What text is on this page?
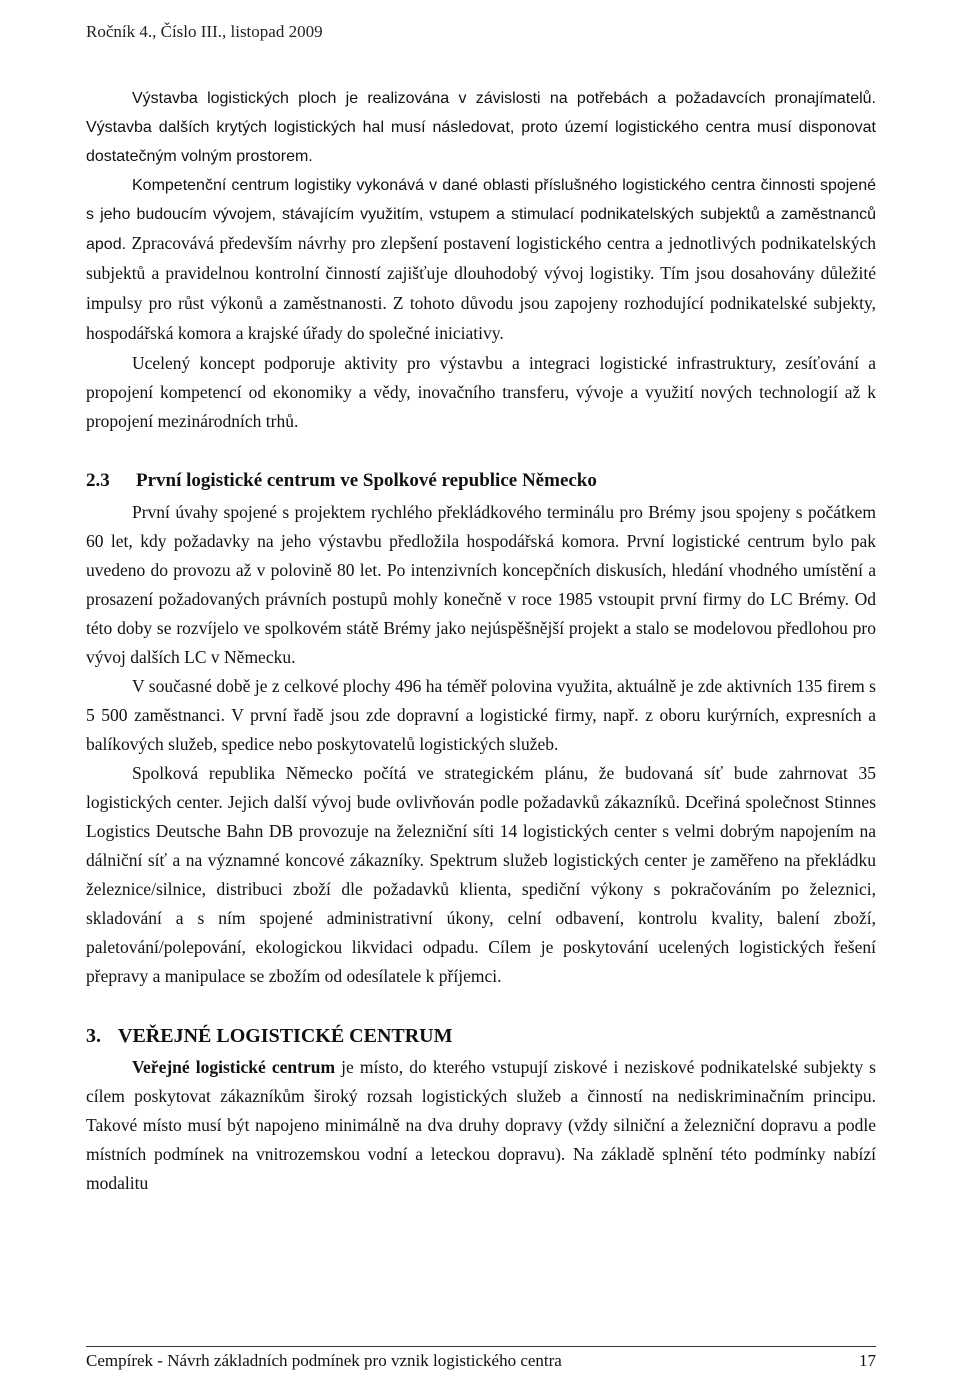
Ročník 4., Číslo III., listopad 2009

Výstavba logistických ploch je realizována v závislosti na potřebách a požadavcích pronajímatelů. Výstavba dalších krytých logistických hal musí následovat, proto území logistického centra musí disponovat dostatečným volným prostorem.

Kompetenční centrum logistiky vykonává v dané oblasti příslušného logistického centra činnosti spojené s jeho budoucím vývojem, stávajícím využitím, vstupem a stimulací podnikatelských subjektů a zaměstnanců apod. Zpracovává především návrhy pro zlepšení postavení logistického centra a jednotlivých podnikatelských subjektů a pravidelnou kontrolní činností zajišťuje dlouhodobý vývoj logistiky. Tím jsou dosahovány důležité impulsy pro růst výkonů a zaměstnanosti. Z tohoto důvodu jsou zapojeny rozhodující podnikatelské subjekty, hospodářská komora a krajské úřady do společné iniciativy.

Ucelený koncept podporuje aktivity pro výstavbu a integraci logistické infrastruktury, zesíťování a propojení kompetencí od ekonomiky a vědy, inovačního transferu, vývoje a využití nových technologií až k propojení mezinárodních trhů.

2.3 První logistické centrum ve Spolkové republice Německo

První úvahy spojené s projektem rychlého překládkového terminálu pro Brémy jsou spojeny s počátkem 60 let, kdy požadavky na jeho výstavbu předložila hospodářská komora. První logistické centrum bylo pak uvedeno do provozu až v polovině 80 let. Po intenzivních koncepčních diskusích, hledání vhodného umístění a prosazení požadovaných právních postupů mohly konečně v roce 1985 vstoupit první firmy do LC Brémy. Od této doby se rozvíjelo ve spolkovém státě Brémy jako nejúspěšnější projekt a stalo se modelovou předlohou pro vývoj dalších LC v Německu.

V současné době je z celkové plochy 496 ha téměř polovina využita, aktuálně je zde aktivních 135 firem s 5 500 zaměstnanci. V první řadě jsou zde dopravní a logistické firmy, např. z oboru kurýrních, expresních a balíkových služeb, spedice nebo poskytovatelů logistických služeb.

Spolková republika Německo počítá ve strategickém plánu, že budovaná síť bude zahrnovat 35 logistických center. Jejich další vývoj bude ovlivňován podle požadavků zákazníků. Dceřiná společnost Stinnes Logistics Deutsche Bahn DB provozuje na železniční síti 14 logistických center s velmi dobrým napojením na dálniční síť a na významné koncové zákazníky. Spektrum služeb logistických center je zaměřeno na překládku železnice/silnice, distribuci zboží dle požadavků klienta, spediční výkony s pokračováním po železnici, skladování a s ním spojené administrativní úkony, celní odbavení, kontrolu kvality, balení zboží, paletování/polepování, ekologickou likvidaci odpadu. Cílem je poskytování ucelených logistických řešení přepravy a manipulace se zbožím od odesílatele k příjemci.

3. VEŘEJNÉ LOGISTICKÉ CENTRUM

Veřejné logistické centrum je místo, do kterého vstupují ziskové i neziskové podnikatelské subjekty s cílem poskytovat zákazníkům široký rozsah logistických služeb a činností na nediskriminačním principu. Takové místo musí být napojeno minimálně na dva druhy dopravy (vždy silniční a železniční dopravu a podle místních podmínek na vnitrozemskou vodní a leteckou dopravu). Na základě splnění této podmínky nabízí modalitu

Cempírek - Návrh základních podmínek pro vznik logistického centra	17
